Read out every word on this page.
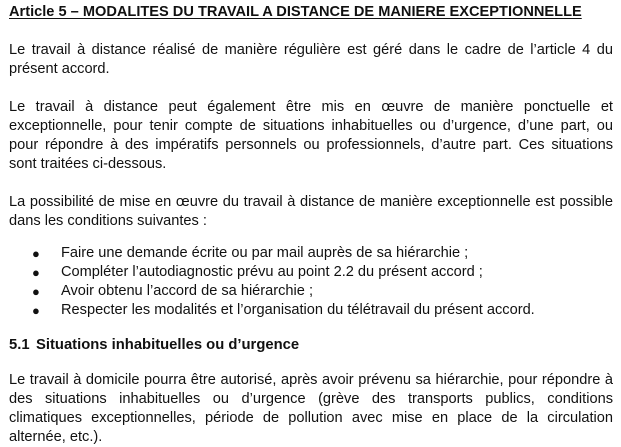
Article 5 – MODALITES DU TRAVAIL A DISTANCE DE MANIERE EXCEPTIONNELLE

Le travail à distance réalisé de manière régulière est géré dans le cadre de l’article 4 du présent accord.

Le travail à distance peut également être mis en œuvre de manière ponctuelle et exceptionnelle, pour tenir compte de situations inhabituelles ou d’urgence, d’une part, ou pour répondre à des impératifs personnels ou professionnels, d’autre part. Ces situations sont traitées ci-dessous.

La possibilité de mise en œuvre du travail à distance de manière exceptionnelle est possible dans les conditions suivantes :

● Faire une demande écrite ou par mail auprès de sa hiérarchie ;
● Compléter l’autodiagnostic prévu au point 2.2 du présent accord ;
● Avoir obtenu l’accord de sa hiérarchie ;
● Respecter les modalités et l’organisation du télétravail du présent accord.
5.1 Situations inhabituelles ou d’urgence

Le travail à domicile pourra être autorisé, après avoir prévenu sa hiérarchie, pour répondre à des situations inhabituelles ou d’urgence (grève des transports publics, conditions climatiques exceptionnelles, période de pollution avec mise en place de la circulation alternée, etc.).
